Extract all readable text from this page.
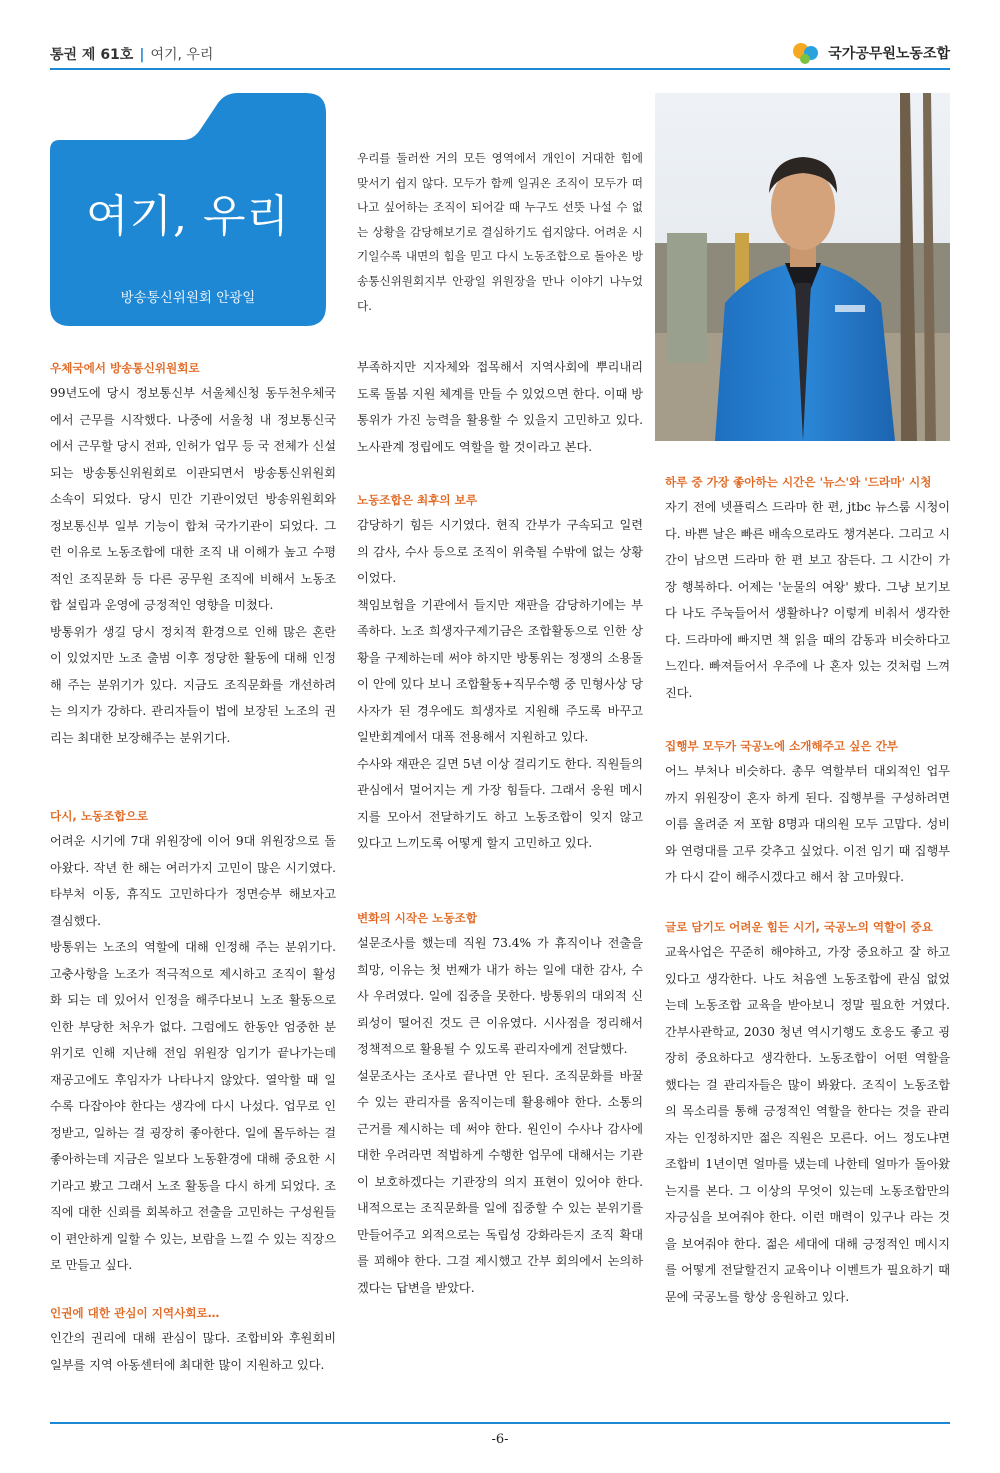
통권 제 61호 | 여기, 우리	국가공무원노동조합
여기, 우리
방송통신위원회 안광일
우리를 둘러싼 거의 모든 영역에서 개인이 거대한 힘에 맞서기 쉽지 않다. 모두가 함께 일궈온 조직이 모두가 떠나고 싶어하는 조직이 되어갈 때 누구도 선뜻 나설 수 없는 상황을 감당해보기로 결심하기도 쉽지않다. 어려운 시기일수록 내면의 힘을 믿고 다시 노동조합으로 돌아온 방송통신위원회지부 안광일 위원장을 만나 이야기 나누었다.
우체국에서 방송통신위원회로

99년도에 당시 정보통신부 서울체신청 동두천우체국에서 근무를 시작했다. 나중에 서울청 내 정보통신국에서 근무할 당시 전파, 인허가 업무 등 국 전체가 신설되는 방송통신위원회로 이관되면서 방송통신위원회 소속이 되었다. 당시 민간 기관이었던 방송위원회와 정보통신부 일부 기능이 합쳐 국가기관이 되었다. 그런 이유로 노동조합에 대한 조직 내 이해가 높고 수평적인 조직문화 등 다른 공무원 조직에 비해서 노동조합 설립과 운영에 긍정적인 영향을 미쳤다.

방통위가 생길 당시 정치적 환경으로 인해 많은 혼란이 있었지만 노조 출범 이후 정당한 활동에 대해 인정해 주는 분위기가 있다. 지금도 조직문화를 개선하려는 의지가 강하다. 관리자들이 법에 보장된 노조의 권리는 최대한 보장해주는 분위기다.

다시, 노동조합으로

어려운 시기에 7대 위원장에 이어 9대 위원장으로 돌아왔다. 작년 한 해는 여러가지 고민이 많은 시기였다. 타부처 이동, 휴직도 고민하다가 정면승부 해보자고 결심했다.

방통위는 노조의 역할에 대해 인정해 주는 분위기다. 고충사항을 노조가 적극적으로 제시하고 조직이 활성화 되는 데 있어서 인정을 해주다보니 노조 활동으로 인한 부당한 처우가 없다. 그럼에도 한동안 엄중한 분위기로 인해 지난해 전임 위원장 임기가 끝나가는데 재공고에도 후임자가 나타나지 않았다. 열악할 때 일수록 다잡아야 한다는 생각에 다시 나섰다. 업무로 인정받고, 일하는 걸 굉장히 좋아한다. 일에 몰두하는 걸 좋아하는데 지금은 일보다 노동환경에 대해 중요한 시기라고 봤고 그래서 노조 활동을 다시 하게 되었다. 조직에 대한 신뢰를 회복하고 전출을 고민하는 구성원들이 편안하게 일할 수 있는, 보람을 느낄 수 있는 직장으로 만들고 싶다.

인권에 대한 관심이 지역사회로…

인간의 권리에 대해 관심이 많다. 조합비와 후원회비 일부를 지역 아동센터에 최대한 많이 지원하고 있다.

부족하지만 지자체와 접목해서 지역사회에 뿌리내리도록 돌봄 지원 체계를 만들 수 있었으면 한다. 이때 방통위가 가진 능력을 활용할 수 있을지 고민하고 있다. 노사관계 정립에도 역할을 할 것이라고 본다.

노동조합은 최후의 보루

감당하기 힘든 시기였다. 현직 간부가 구속되고 일련의 감사, 수사 등으로 조직이 위축될 수밖에 없는 상황이었다.

책임보험을 기관에서 들지만 재판을 감당하기에는 부족하다. 노조 희생자구제기금은 조합활동으로 인한 상황을 구제하는데 써야 하지만 방통위는 정쟁의 소용돌이 안에 있다 보니 조합활동+직무수행 중 민형사상 당사자가 된 경우에도 희생자로 지원해 주도록 바꾸고 일반회계에서 대폭 전용해서 지원하고 있다.

수사와 재판은 길면 5년 이상 걸리기도 한다. 직원들의 관심에서 멀어지는 게 가장 힘들다. 그래서 응원 메시지를 모아서 전달하기도 하고 노동조합이 잊지 않고 있다고 느끼도록 어떻게 할지 고민하고 있다.

변화의 시작은 노동조합

설문조사를 했는데 직원 73.4% 가 휴직이나 전출을 희망, 이유는 첫 번째가 내가 하는 일에 대한 감사, 수사 우려였다. 일에 집중을 못한다. 방통위의 대외적 신뢰성이 떨어진 것도 큰 이유였다. 시사점을 정리해서 정책적으로 활용될 수 있도록 관리자에게 전달했다.

설문조사는 조사로 끝나면 안 된다. 조직문화를 바꿀 수 있는 관리자를 움직이는데 활용해야 한다. 소통의 근거를 제시하는 데 써야 한다. 원인이 수사나 감사에 대한 우려라면 적법하게 수행한 업무에 대해서는 기관이 보호하겠다는 기관장의 의지 표현이 있어야 한다. 내적으로는 조직문화를 일에 집중할 수 있는 분위기를 만들어주고 외적으로는 독립성 강화라든지 조직 확대를 꾀해야 한다. 그걸 제시했고 간부 회의에서 논의하겠다는 답변을 받았다.

하루 중 가장 좋아하는 시간은 '뉴스'와 '드라마' 시청

자기 전에 넷플릭스 드라마 한 편, jtbc 뉴스룸 시청이다. 바쁜 날은 빠른 배속으로라도 챙겨본다. 그리고 시간이 남으면 드라마 한 편 보고 잠든다. 그 시간이 가장 행복하다. 어제는 '눈물의 여왕' 봤다. 그냥 보기보다 나도 주눅들어서 생활하나? 이렇게 비춰서 생각한다. 드라마에 빠지면 책 읽을 때의 감동과 비슷하다고 느낀다. 빠져들어서 우주에 나 혼자 있는 것처럼 느껴진다.

집행부 모두가 국공노에 소개해주고 싶은 간부

어느 부처나 비슷하다. 총무 역할부터 대외적인 업무까지 위원장이 혼자 하게 된다. 집행부를 구성하려면 이름 올려준 저 포함 8명과 대의원 모두 고맙다. 성비와 연령대를 고루 갖추고 싶었다. 이전 임기 때 집행부가 다시 같이 해주시겠다고 해서 참 고마웠다.

글로 담기도 어려운 힘든 시기, 국공노의 역할이 중요

교육사업은 꾸준히 해야하고, 가장 중요하고 잘 하고 있다고 생각한다. 나도 처음엔 노동조합에 관심 없었는데 노동조합 교육을 받아보니 정말 필요한 거였다. 간부사관학교, 2030 청년 역시기행도 호응도 좋고 굉장히 중요하다고 생각한다. 노동조합이 어떤 역할을 했다는 걸 관리자들은 많이 봐왔다. 조직이 노동조합의 목소리를 통해 긍정적인 역할을 한다는 것을 관리자는 인정하지만 젊은 직원은 모른다. 어느 정도냐면 조합비 1년이면 얼마를 냈는데 나한테 얼마가 돌아왔는지를 본다. 그 이상의 무엇이 있는데 노동조합만의 자긍심을 보여줘야 한다. 이런 매력이 있구나 라는 것을 보여줘야 한다. 젊은 세대에 대해 긍정적인 메시지를 어떻게 전달할건지 교육이나 이벤트가 필요하기 때문에 국공노를 항상 응원하고 있다.

-6-
